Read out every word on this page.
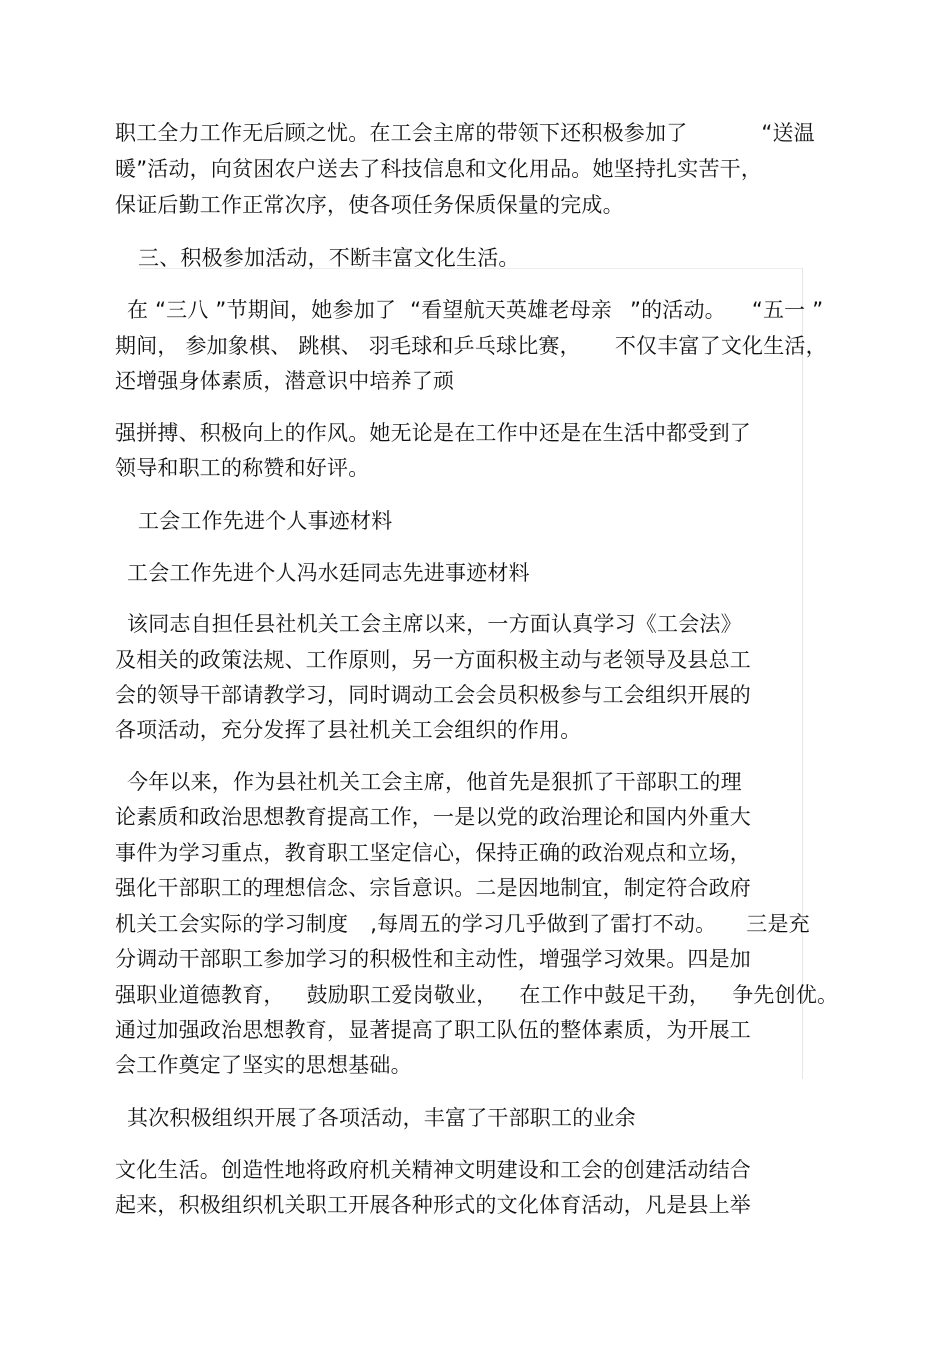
职工全力工作无后顾之忧。在工会主席的带领下还积极参加了	“送温

暖”活动，向贫困农户送去了科技信息和文化用品。她坚持扎实苦干，

保证后勤工作正常次序，使各项任务保质保量的完成。

三、积极参加活动，不断丰富文化生活。

在 “三八 ”节期间，她参加了 “看望航天英雄老母亲 ”的活动。 “五一 ”

期间， 参加象棋、 跳棋、 羽毛球和乒乓球比赛， 不仅丰富了文化生活，

还增强身体素质，潜意识中培养了顽

强拼搏、积极向上的作风。她无论是在工作中还是在生活中都受到了

领导和职工的称赞和好评。

工会工作先进个人事迹材料

工会工作先进个人冯水廷同志先进事迹材料

该同志自担任县社机关工会主席以来，一方面认真学习《工会法》

及相关的政策法规、工作原则，另一方面积极主动与老领导及县总工

会的领导干部请教学习，同时调动工会会员积极参与工会组织开展的

各项活动，充分发挥了县社机关工会组织的作用。

今年以来，作为县社机关工会主席，他首先是狠抓了干部职工的理

论素质和政治思想教育提高工作，一是以党的政治理论和国内外重大

事件为学习重点，教育职工坚定信心，保持正确的政治观点和立场，

强化干部职工的理想信念、宗旨意识。二是因地制宜，制定符合政府

机关工会实际的学习制度 ,每周五的学习几乎做到了雷打不动。 三是充

分调动干部职工参加学习的积极性和主动性，增强学习效果。四是加

强职业道德教育， 鼓励职工爱岗敬业， 在工作中鼓足干劲， 争先创优。

通过加强政治思想教育，显著提高了职工队伍的整体素质，为开展工

会工作奠定了坚实的思想基础。

其次积极组织开展了各项活动，丰富了干部职工的业余

文化生活。创造性地将政府机关精神文明建设和工会的创建活动结合

起来，积极组织机关职工开展各种形式的文化体育活动，凡是县上举
